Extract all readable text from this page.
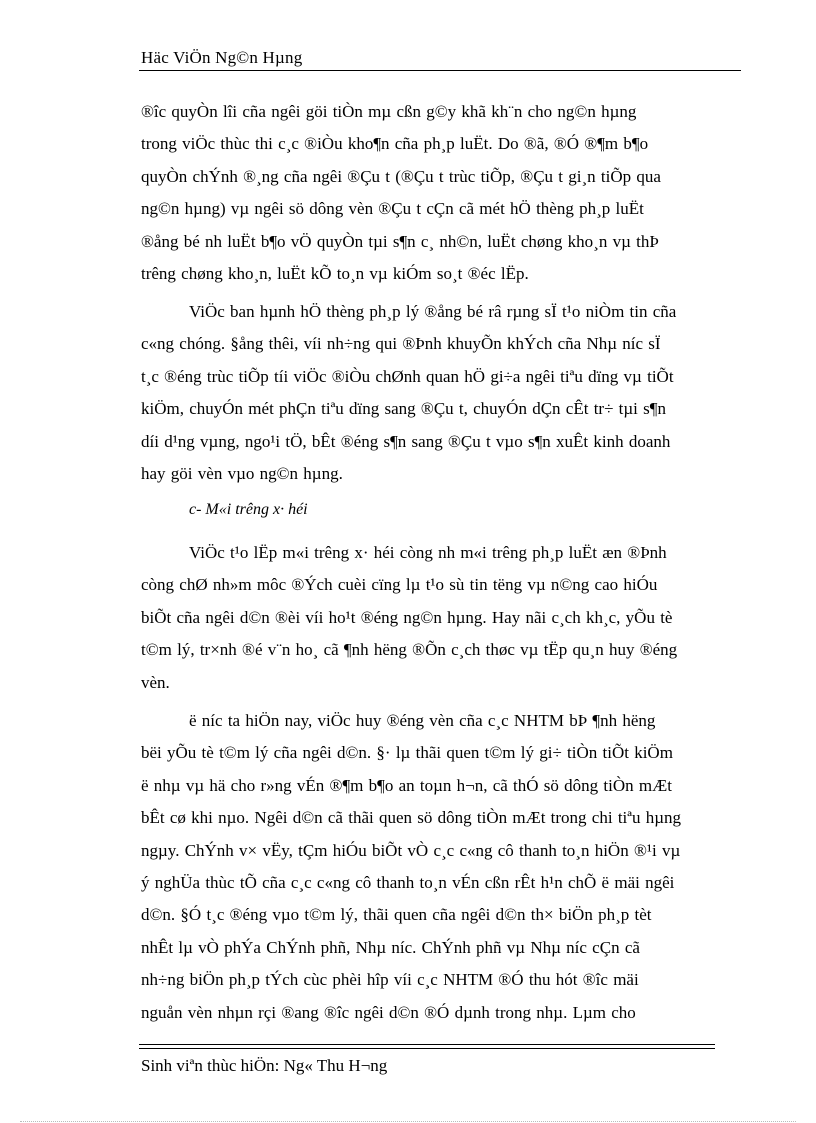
Häc ViÖn Ng©n Hµng
®îc quyÒn lîi cña ngêi göi tiÒn mµ cßn g©y khã kh¨n cho ng©n hµng
trong viÖc thùc thi c¸c ®iÒu kho¶n cña ph¸p luËt. Do ®ã, ®Ó ®¶m b¶o
quyÒn chÝnh ®¸ng cña ngêi ®Çu t (®Çu t trùc tiÕp, ®Çu t gi¸n tiÕp qua
ng©n hµng) vµ ngêi sö dông vèn ®Çu t cÇn cã mét hÖ thèng ph¸p luËt
®ång bé nh luËt b¶o vÖ quyÒn tµi s¶n c¸ nh©n, luËt chøng kho¸n vµ thÞ
trêng chøng kho¸n, luËt kÕ to¸n vµ kiÓm so¸t ®éc lËp.
ViÖc ban hµnh hÖ thèng ph¸p lý ®ång bé râ rµng sÏ t¹o niÒm tin cña
c«ng chóng. §ång thêi, víi nh÷ng qui ®Þnh khuyÕn khÝch cña Nhµ níc sÏ
t¸c ®éng trùc tiÕp tíi viÖc ®iÒu chØnh quan hÖ gi÷a ngêi tiªu dïng vµ tiÕt
kiÖm, chuyÓn mét phÇn tiªu dïng sang ®Çu t, chuyÓn dÇn cÊt tr÷ tµi s¶n
díi d¹ng vµng, ngo¹i tÖ, bÊt ®éng s¶n sang ®Çu t vµo s¶n xuÊt kinh doanh
hay göi vèn vµo ng©n hµng.
c- M«i trêng x· héi
ViÖc t¹o lËp m«i trêng x· héi còng nh m«i trêng ph¸p luËt æn ®Þnh
còng chØ nh»m môc ®Ých cuèi cïng lµ t¹o sù tin tëng vµ n©ng cao hiÓu
biÕt cña ngêi d©n ®èi víi ho¹t ®éng ng©n hµng. Hay nãi c¸ch kh¸c, yÕu tè
t©m lý, tr×nh ®é v¨n ho¸ cã ¶nh hëng ®Õn c¸ch thøc vµ tËp qu¸n huy ®éng
vèn.
ë níc ta hiÖn nay, viÖc huy ®éng vèn cña c¸c NHTM bÞ ¶nh hëng
bëi yÕu tè t©m lý cña ngêi d©n. §· lµ thãi quen t©m lý gi÷ tiÒn tiÕt kiÖm
ë nhµ vµ hä cho r»ng vÉn ®¶m b¶o an toµn h¬n, cã thÓ sö dông tiÒn mÆt
bÊt cø khi nµo. Ngêi d©n cã thãi quen sö dông tiÒn mÆt trong chi tiªu hµng
ngµy. ChÝnh v× vËy, tÇm hiÓu biÕt vÒ c¸c c«ng cô thanh to¸n hiÖn ®¹i vµ
ý nghÜa thùc tÕ cña c¸c c«ng cô thanh to¸n vÉn cßn rÊt h¹n chÕ ë mäi ngêi
d©n. §Ó t¸c ®éng vµo t©m lý, thãi quen cña ngêi d©n th× biÖn ph¸p tèt
nhÊt lµ vÒ phÝa ChÝnh phñ, Nhµ níc. ChÝnh phñ vµ Nhµ níc cÇn cã
nh÷ng biÖn ph¸p tÝch cùc phèi hîp víi c¸c NHTM ®Ó thu hót ®îc mäi
nguån vèn nhµn rçi ®ang ®îc ngêi d©n ®Ó dµnh trong nhµ. Lµm cho
Sinh viªn thùc hiÖn: Ng« Thu H¬ng
